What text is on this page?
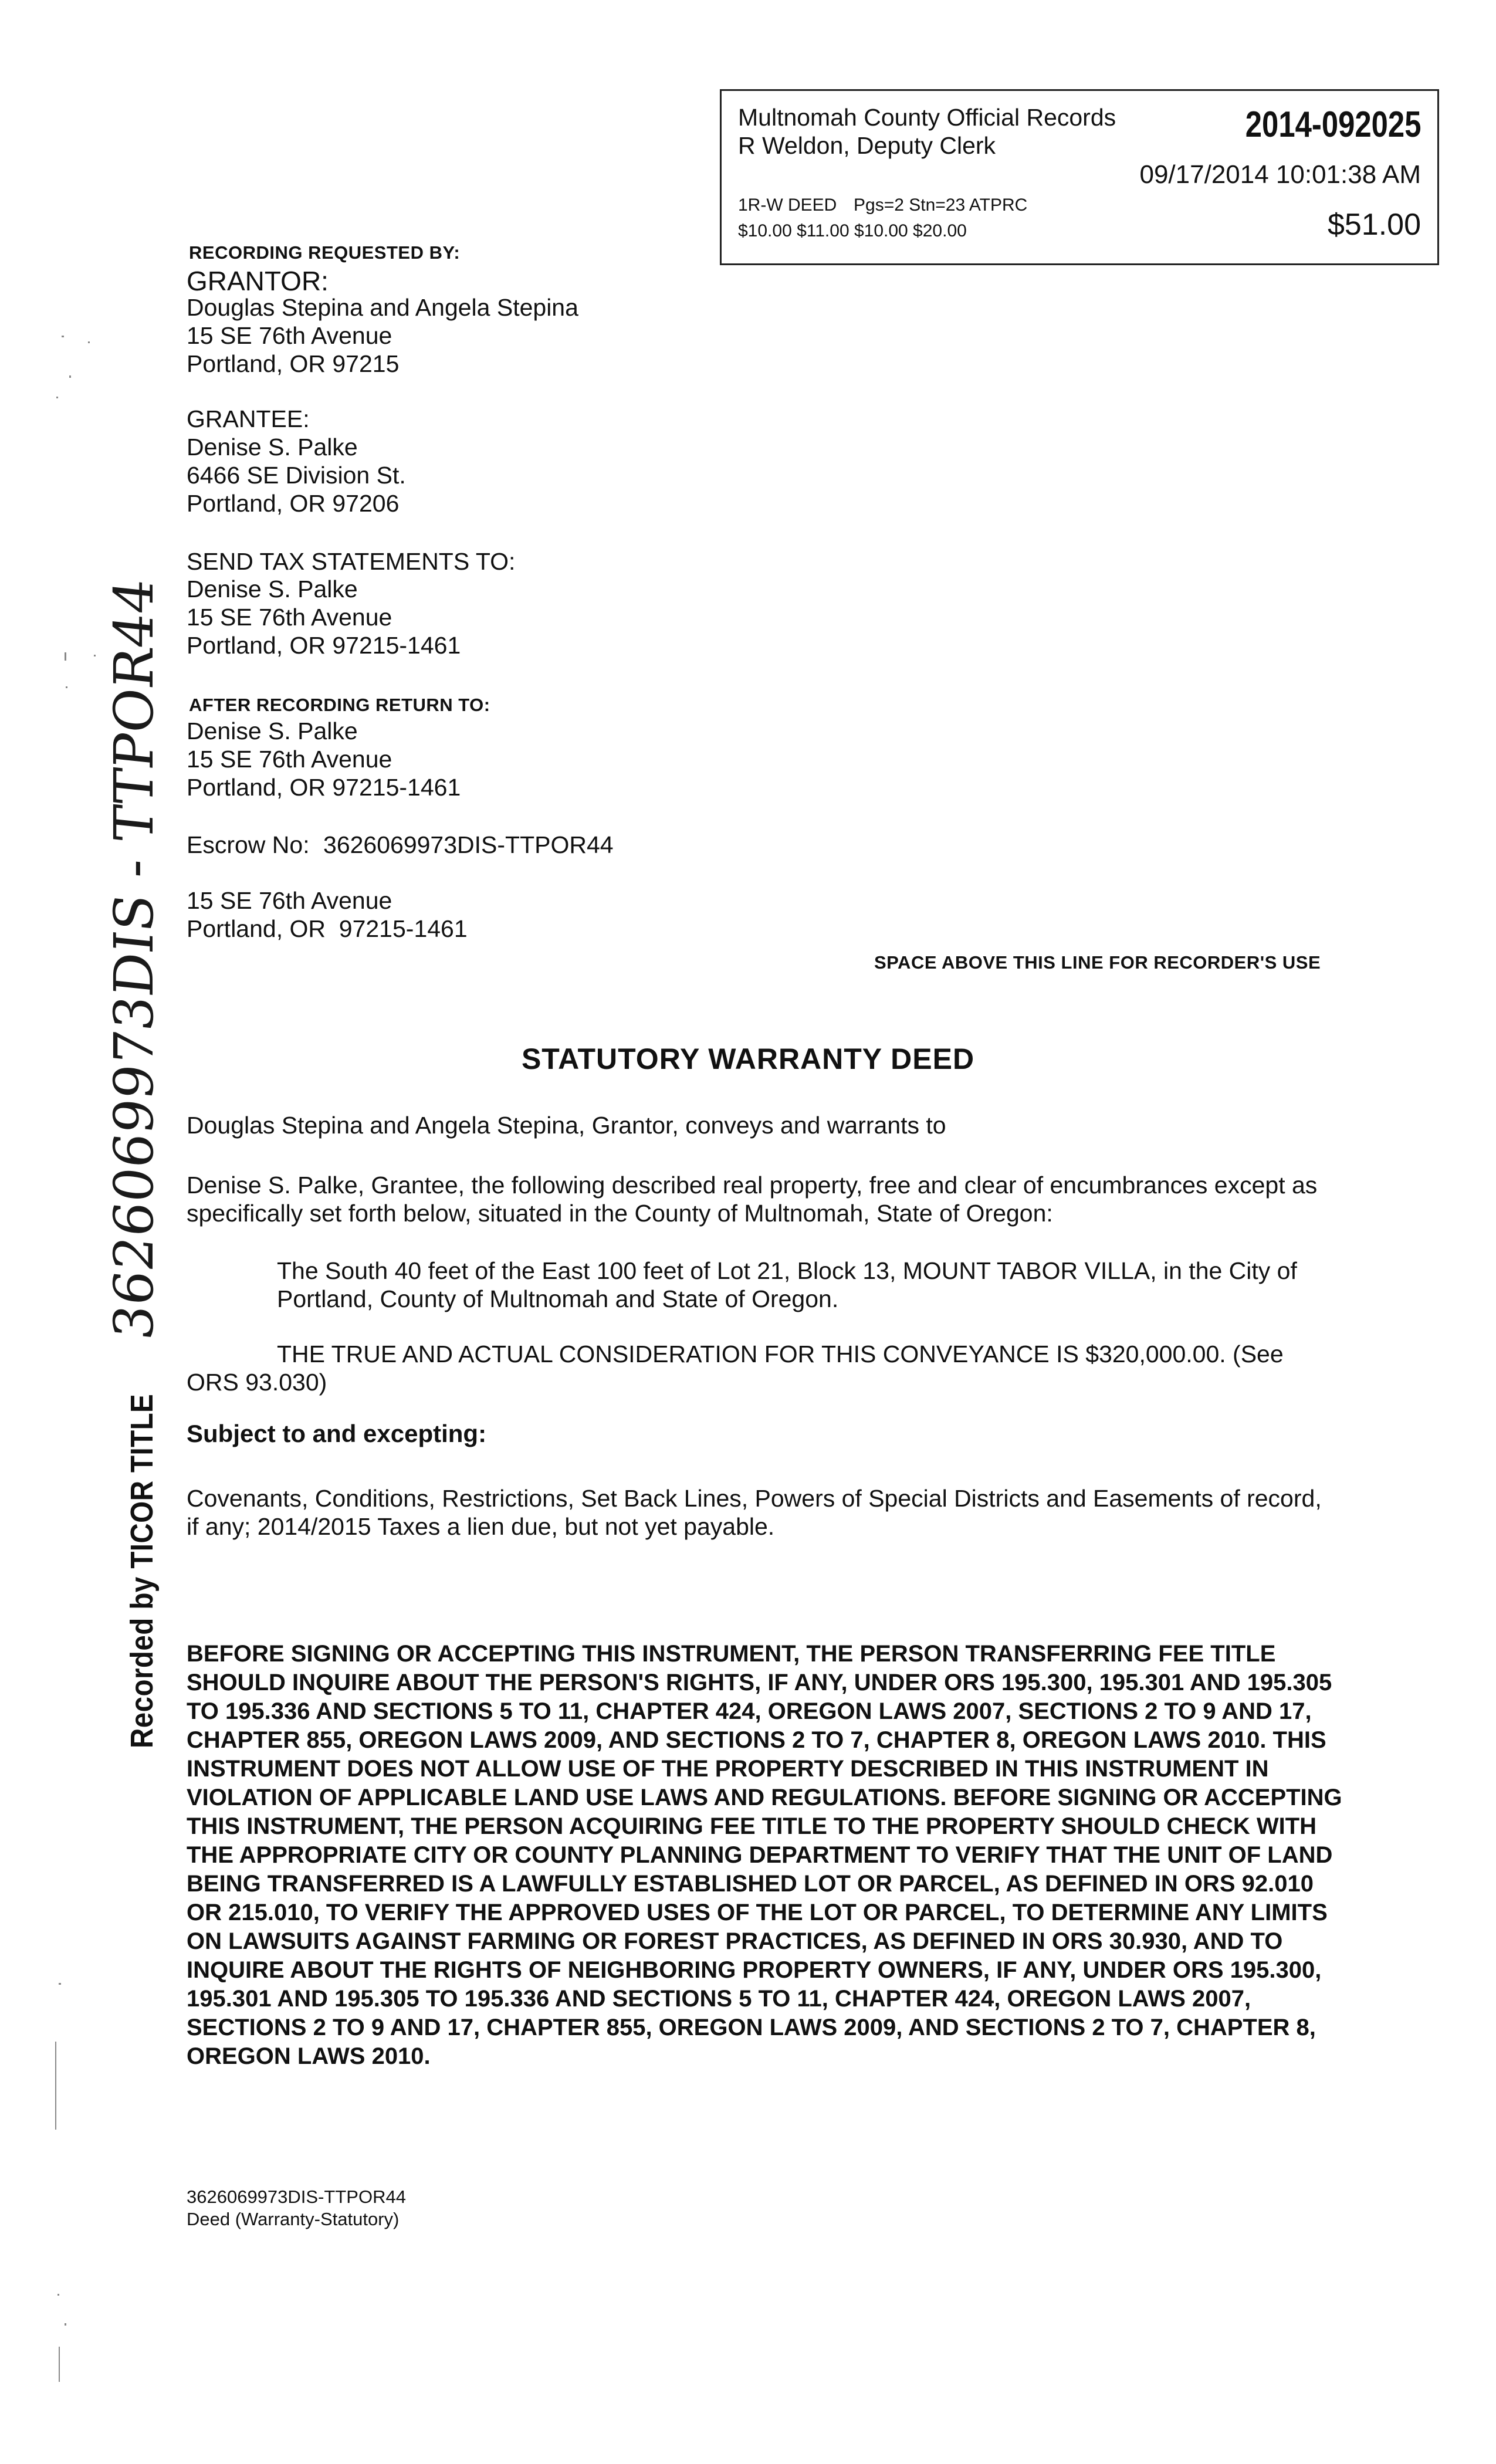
Multnomah County Official Records
R Weldon, Deputy Clerk
2014-092025
09/17/2014 10:01:38 AM
1R-W DEED Pgs=2 Stn=23 ATPRC
$10.00 $11.00 $10.00 $20.00	$51.00
RECORDING REQUESTED BY:
GRANTOR:
Douglas Stepina and Angela Stepina
15 SE 76th Avenue
Portland, OR 97215
GRANTEE:
Denise S. Palke
6466 SE Division St.
Portland, OR 97206
SEND TAX STATEMENTS TO:
Denise S. Palke
15 SE 76th Avenue
Portland, OR 97215-1461
AFTER RECORDING RETURN TO:
Denise S. Palke
15 SE 76th Avenue
Portland, OR 97215-1461
Escrow No: 3626069973DIS-TTPOR44
15 SE 76th Avenue
Portland, OR  97215-1461
SPACE ABOVE THIS LINE FOR RECORDER'S USE
STATUTORY WARRANTY DEED
Douglas Stepina and Angela Stepina, Grantor, conveys and warrants to
Denise S. Palke, Grantee, the following described real property, free and clear of encumbrances except as specifically set forth below, situated in the County of Multnomah, State of Oregon:
The South 40 feet of the East 100 feet of Lot 21, Block 13, MOUNT TABOR VILLA, in the City of Portland, County of Multnomah and State of Oregon.
THE TRUE AND ACTUAL CONSIDERATION FOR THIS CONVEYANCE IS $320,000.00. (See ORS 93.030)
Subject to and excepting:
Covenants, Conditions, Restrictions, Set Back Lines, Powers of Special Districts and Easements of record, if any; 2014/2015 Taxes a lien due, but not yet payable.
BEFORE SIGNING OR ACCEPTING THIS INSTRUMENT, THE PERSON TRANSFERRING FEE TITLE SHOULD INQUIRE ABOUT THE PERSON'S RIGHTS, IF ANY, UNDER ORS 195.300, 195.301 AND 195.305 TO 195.336 AND SECTIONS 5 TO 11, CHAPTER 424, OREGON LAWS 2007, SECTIONS 2 TO 9 AND 17, CHAPTER 855, OREGON LAWS 2009, AND SECTIONS 2 TO 7, CHAPTER 8, OREGON LAWS 2010. THIS INSTRUMENT DOES NOT ALLOW USE OF THE PROPERTY DESCRIBED IN THIS INSTRUMENT IN VIOLATION OF APPLICABLE LAND USE LAWS AND REGULATIONS. BEFORE SIGNING OR ACCEPTING THIS INSTRUMENT, THE PERSON ACQUIRING FEE TITLE TO THE PROPERTY SHOULD CHECK WITH THE APPROPRIATE CITY OR COUNTY PLANNING DEPARTMENT TO VERIFY THAT THE UNIT OF LAND BEING TRANSFERRED IS A LAWFULLY ESTABLISHED LOT OR PARCEL, AS DEFINED IN ORS 92.010 OR 215.010, TO VERIFY THE APPROVED USES OF THE LOT OR PARCEL, TO DETERMINE ANY LIMITS ON LAWSUITS AGAINST FARMING OR FOREST PRACTICES, AS DEFINED IN ORS 30.930, AND TO INQUIRE ABOUT THE RIGHTS OF NEIGHBORING PROPERTY OWNERS, IF ANY, UNDER ORS 195.300, 195.301 AND 195.305 TO 195.336 AND SECTIONS 5 TO 11, CHAPTER 424, OREGON LAWS 2007, SECTIONS 2 TO 9 AND 17, CHAPTER 855, OREGON LAWS 2009, AND SECTIONS 2 TO 7, CHAPTER 8, OREGON LAWS 2010.
3626069973DIS-TTPOR44
Deed (Warranty-Statutory)
Recorded by TICOR TITLE 3626069973DIS - TTPOR44
